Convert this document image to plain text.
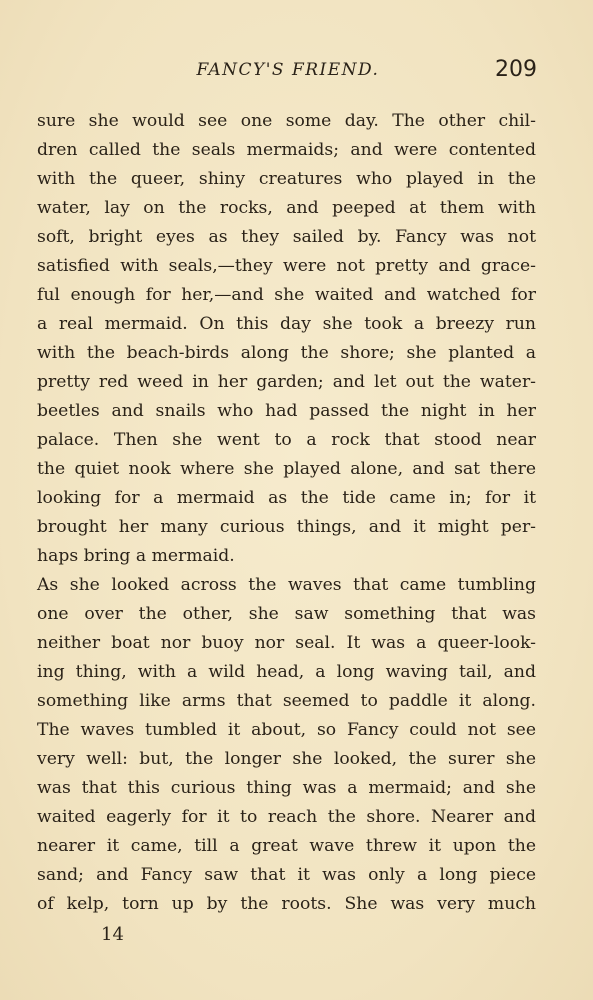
FANCY'S FRIEND.	209
sure she would see one some day. The other chil-
dren called the seals mermaids; and were contented
with the queer, shiny creatures who played in the
water, lay on the rocks, and peeped at them with
soft, bright eyes as they sailed by. Fancy was not
satisfied with seals,—they were not pretty and grace-
ful enough for her,—and she waited and watched for
a real mermaid. On this day she took a breezy run
with the beach-birds along the shore; she planted a
pretty red weed in her garden; and let out the water-
beetles and snails who had passed the night in her
palace. Then she went to a rock that stood near
the quiet nook where she played alone, and sat there
looking for a mermaid as the tide came in; for it
brought her many curious things, and it might per-
haps bring a mermaid.
As she looked across the waves that came tumbling
one over the other, she saw something that was
neither boat nor buoy nor seal. It was a queer-look-
ing thing, with a wild head, a long waving tail, and
something like arms that seemed to paddle it along.
The waves tumbled it about, so Fancy could not see
very well: but, the longer she looked, the surer she
was that this curious thing was a mermaid; and she
waited eagerly for it to reach the shore. Nearer and
nearer it came, till a great wave threw it upon the
sand; and Fancy saw that it was only a long piece
of kelp, torn up by the roots. She was very much
14
